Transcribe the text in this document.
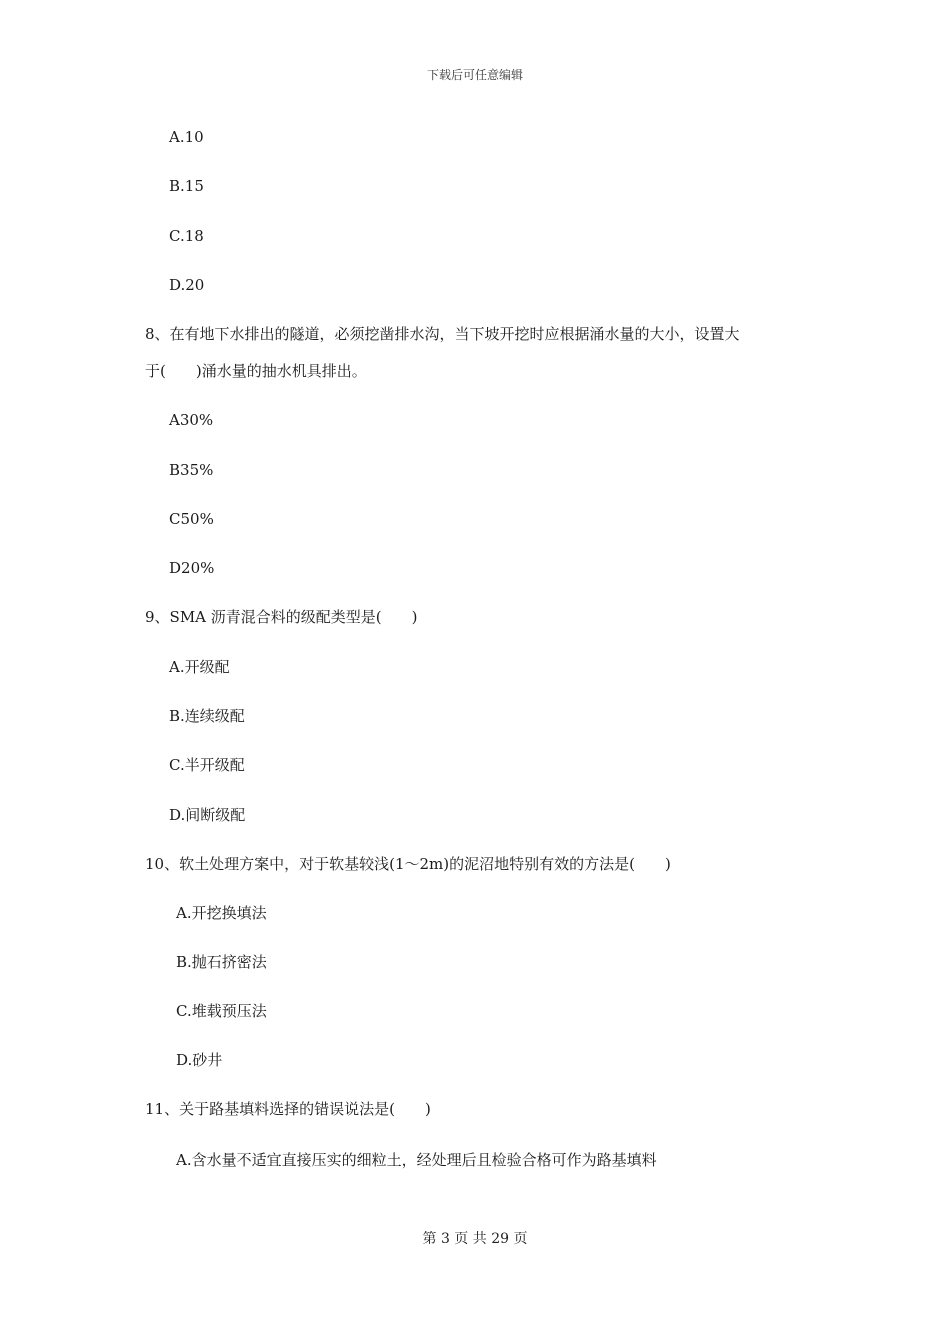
下载后可任意编辑
A.10
B.15
C.18
D.20
8、在有地下水排出的隧道，必须挖凿排水沟，当下坡开挖时应根据涌水量的大小，设置大
于(　　)涌水量的抽水机具排出。
A30%
B35%
C50%
D20%
9、SMA 沥青混合料的级配类型是(　　)
A.开级配
B.连续级配
C.半开级配
D.间断级配
10、软土处理方案中，对于软基较浅(1～2m)的泥沼地特别有效的方法是(　　)
A.开挖换填法
B.抛石挤密法
C.堆载预压法
D.砂井
11、关于路基填料选择的错误说法是(　　)
A.含水量不适宜直接压实的细粒土，经处理后且检验合格可作为路基填料
第 3 页 共 29 页
